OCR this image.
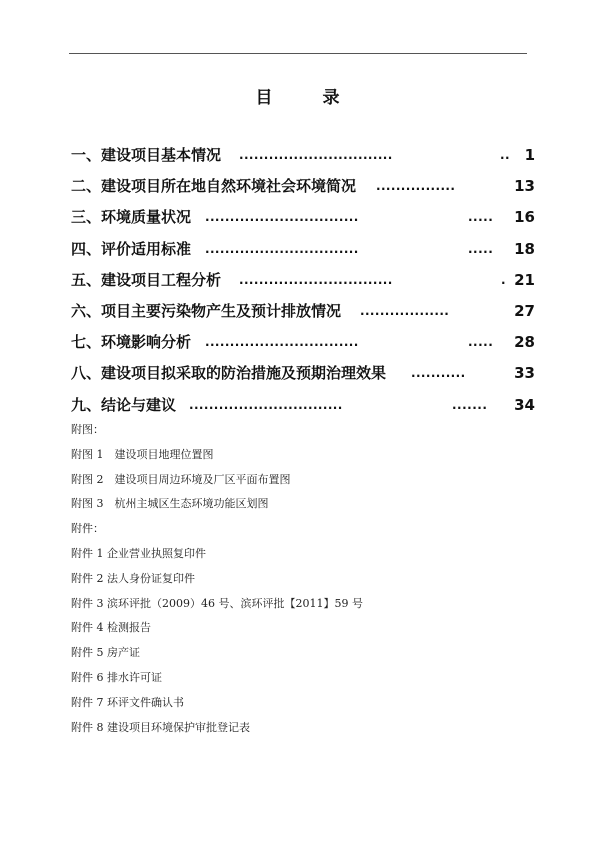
目 录
一、建设项目基本情况 ...............................	.. 1
二、建设项目所在地自然环境社会环境简况 ................	13
三、环境质量状况 ...............................	..... 16
四、评价适用标准 ...............................	..... 18
五、建设项目工程分析 ...............................	. 21
六、项目主要污染物产生及预计排放情况 ..................	27
七、环境影响分析 ...............................	..... 28
八、建设项目拟采取的防治措施及预期治理效果 ...........	33
九、结论与建议 ...............................	....... 34
附图：
附图 1　建设项目地理位置图
附图 2　建设项目周边环境及厂区平面布置图
附图 3　杭州主城区生态环境功能区划图
附件：
附件 1 企业营业执照复印件
附件 2 法人身份证复印件
附件 3 滨环评批（2009）46 号、滨环评批【2011】59 号
附件 4 检测报告
附件 5 房产证
附件 6 排水许可证
附件 7 环评文件确认书
附件 8 建设项目环境保护审批登记表
